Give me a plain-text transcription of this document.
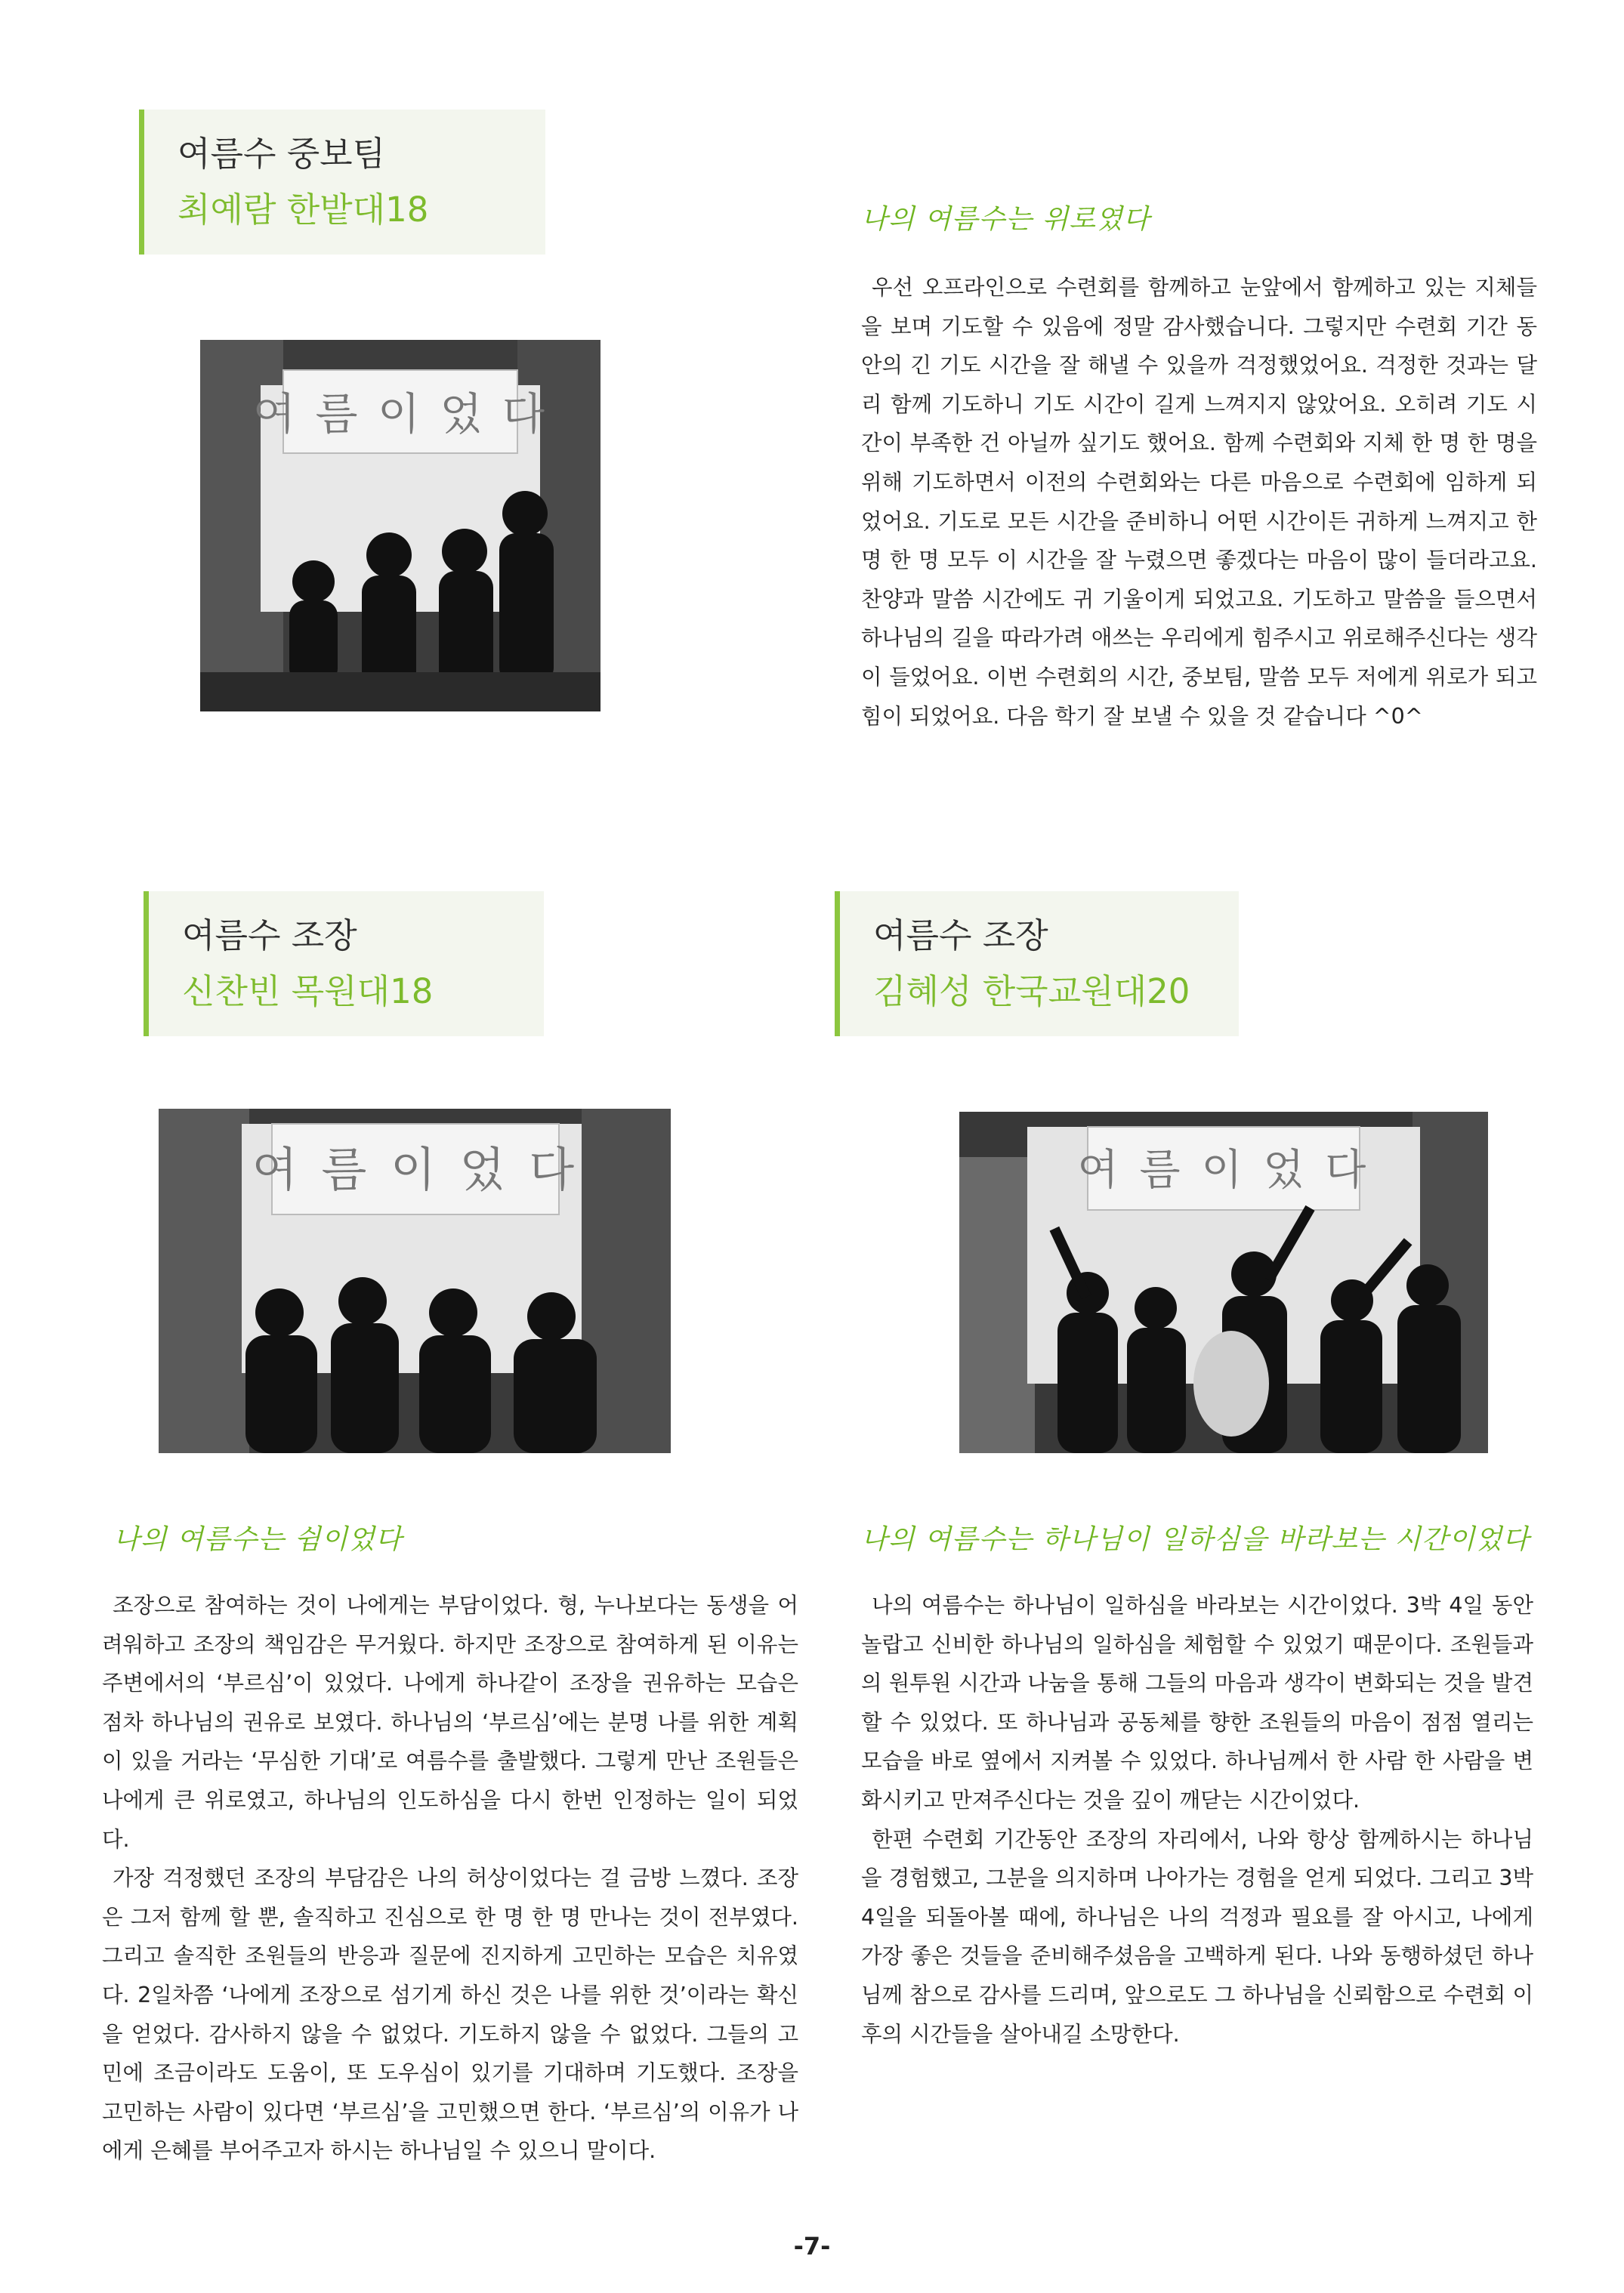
여름수 중보팀
최예람 한밭대18	나의 여름수는 위로였다
여 름 이 었 다

우선 오프라인으로 수련회를 함께하고 눈앞에서 함께하고 있는 지체들을 보며 기도할 수 있음에 정말 감사했습니다. 그렇지만 수련회 기간 동안의 긴 기도 시간을 잘 해낼 수 있을까 걱정했었어요. 걱정한 것과는 달리 함께 기도하니 기도 시간이 길게 느껴지지 않았어요. 오히려 기도 시간이 부족한 건 아닐까 싶기도 했어요. 함께 수련회와 지체 한 명 한 명을 위해 기도하면서 이전의 수련회와는 다른 마음으로 수련회에 임하게 되었어요. 기도로 모든 시간을 준비하니 어떤 시간이든 귀하게 느껴지고 한 명 한 명 모두 이 시간을 잘 누렸으면 좋겠다는 마음이 많이 들더라고요. 찬양과 말씀 시간에도 귀 기울이게 되었고요. 기도하고 말씀을 들으면서 하나님의 길을 따라가려 애쓰는 우리에게 힘주시고 위로해주신다는 생각이 들었어요. 이번 수련회의 시간, 중보팀, 말씀 모두 저에게 위로가 되고 힘이 되었어요. 다음 학기 잘 보낼 수 있을 것 같습니다 ^0^

여름수 조장
신찬빈 목원대18
여 름 이 었 다
나의 여름수는 쉼이었다

조장으로 참여하는 것이 나에게는 부담이었다. 형, 누나보다는 동생을 어려워하고 조장의 책임감은 무거웠다. 하지만 조장으로 참여하게 된 이유는 주변에서의 ‘부르심’이 있었다. 나에게 하나같이 조장을 권유하는 모습은 점차 하나님의 권유로 보였다. 하나님의 ‘부르심’에는 분명 나를 위한 계획이 있을 거라는 ‘무심한 기대’로 여름수를 출발했다. 그렇게 만난 조원들은 나에게 큰 위로였고, 하나님의 인도하심을 다시 한번 인정하는 일이 되었다.

가장 걱정했던 조장의 부담감은 나의 허상이었다는 걸 금방 느꼈다. 조장은 그저 함께 할 뿐, 솔직하고 진심으로 한 명 한 명 만나는 것이 전부였다. 그리고 솔직한 조원들의 반응과 질문에 진지하게 고민하는 모습은 치유였다. 2일차쯤 ‘나에게 조장으로 섬기게 하신 것은 나를 위한 것’이라는 확신을 얻었다. 감사하지 않을 수 없었다. 기도하지 않을 수 없었다. 그들의 고민에 조금이라도 도움이, 또 도우심이 있기를 기대하며 기도했다. 조장을 고민하는 사람이 있다면 ‘부르심’을 고민했으면 한다. ‘부르심’의 이유가 나에게 은혜를 부어주고자 하시는 하나님일 수 있으니 말이다.

여름수 조장
김혜성 한국교원대20
여 름 이 었 다
나의 여름수는 하나님이 일하심을 바라보는 시간이었다

나의 여름수는 하나님이 일하심을 바라보는 시간이었다. 3박 4일 동안 놀랍고 신비한 하나님의 일하심을 체험할 수 있었기 때문이다. 조원들과의 원투원 시간과 나눔을 통해 그들의 마음과 생각이 변화되는 것을 발견할 수 있었다. 또 하나님과 공동체를 향한 조원들의 마음이 점점 열리는 모습을 바로 옆에서 지켜볼 수 있었다. 하나님께서 한 사람 한 사람을 변화시키고 만져주신다는 것을 깊이 깨닫는 시간이었다.

한편 수련회 기간동안 조장의 자리에서, 나와 항상 함께하시는 하나님을 경험했고, 그분을 의지하며 나아가는 경험을 얻게 되었다. 그리고 3박 4일을 되돌아볼 때에, 하나님은 나의 걱정과 필요를 잘 아시고, 나에게 가장 좋은 것들을 준비해주셨음을 고백하게 된다. 나와 동행하셨던 하나님께 참으로 감사를 드리며, 앞으로도 그 하나님을 신뢰함으로 수련회 이후의 시간들을 살아내길 소망한다.

-7-
